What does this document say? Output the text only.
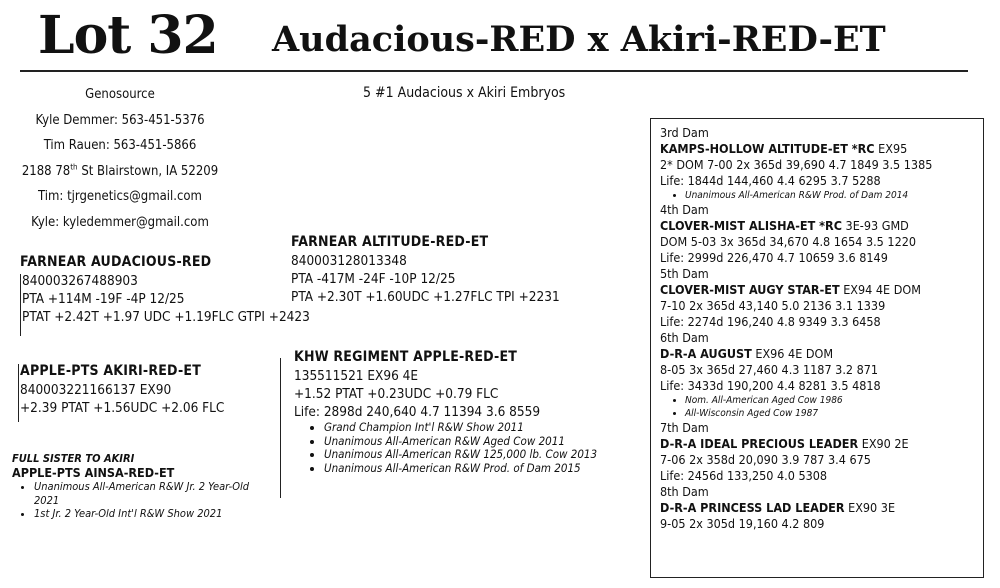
Lot 32 Audacious-RED x Akiri-RED-ET
Genosource
Kyle Demmer: 563-451-5376
Tim Rauen: 563-451-5866
2188 78th St Blairstown, IA 52209
Tim: tjrgenetics@gmail.com
Kyle: kyledemmer@gmail.com
5 #1 Audacious x Akiri Embryos
FARNEAR AUDACIOUS-RED
840003267488903
PTA +114M -19F -4P 12/25
PTAT +2.42T +1.97 UDC +1.19FLC GTPI +2423
APPLE-PTS AKIRI-RED-ET
840003221166137 EX90
+2.39 PTAT +1.56UDC +2.06 FLC
FULL SISTER TO AKIRI
APPLE-PTS AINSA-RED-ET
• Unanimous All-American R&W Jr. 2 Year-Old 2021
• 1st Jr. 2 Year-Old Int'l R&W Show 2021
FARNEAR ALTITUDE-RED-ET
840003128013348
PTA -417M -24F -10P 12/25
PTA +2.30T +1.60UDC +1.27FLC TPI +2231
KHW REGIMENT APPLE-RED-ET
135511521 EX96 4E
+1.52 PTAT +0.23UDC +0.79 FLC
Life: 2898d 240,640 4.7 11394 3.6 8559
• Grand Champion Int'l R&W Show 2011
• Unanimous All-American R&W Aged Cow 2011
• Unanimous All-American R&W 125,000 lb. Cow 2013
• Unanimous All-American R&W Prod. of Dam 2015
3rd Dam
KAMPS-HOLLOW ALTITUDE-ET *RC EX95
2* DOM 7-00 2x 365d 39,690 4.7 1849 3.5 1385
Life: 1844d 144,460 4.4 6295 3.7 5288
• Unanimous All-American R&W Prod. of Dam 2014
4th Dam
CLOVER-MIST ALISHA-ET *RC 3E-93 GMD
DOM 5-03 3x 365d 34,670 4.8 1654 3.5 1220
Life: 2999d 226,470 4.7 10659 3.6 8149
5th Dam
CLOVER-MIST AUGY STAR-ET EX94 4E DOM
7-10 2x 365d 43,140 5.0 2136 3.1 1339
Life: 2274d 196,240 4.8 9349 3.3 6458
6th Dam
D-R-A AUGUST EX96 4E DOM
8-05 3x 365d 27,460 4.3 1187 3.2 871
Life: 3433d 190,200 4.4 8281 3.5 4818
• Nom. All-American Aged Cow 1986
• All-Wisconsin Aged Cow 1987
7th Dam
D-R-A IDEAL PRECIOUS LEADER EX90 2E
7-06 2x 358d 20,090 3.9 787 3.4 675
Life: 2456d 133,250 4.0 5308
8th Dam
D-R-A PRINCESS LAD LEADER EX90 3E
9-05 2x 305d 19,160 4.2 809
